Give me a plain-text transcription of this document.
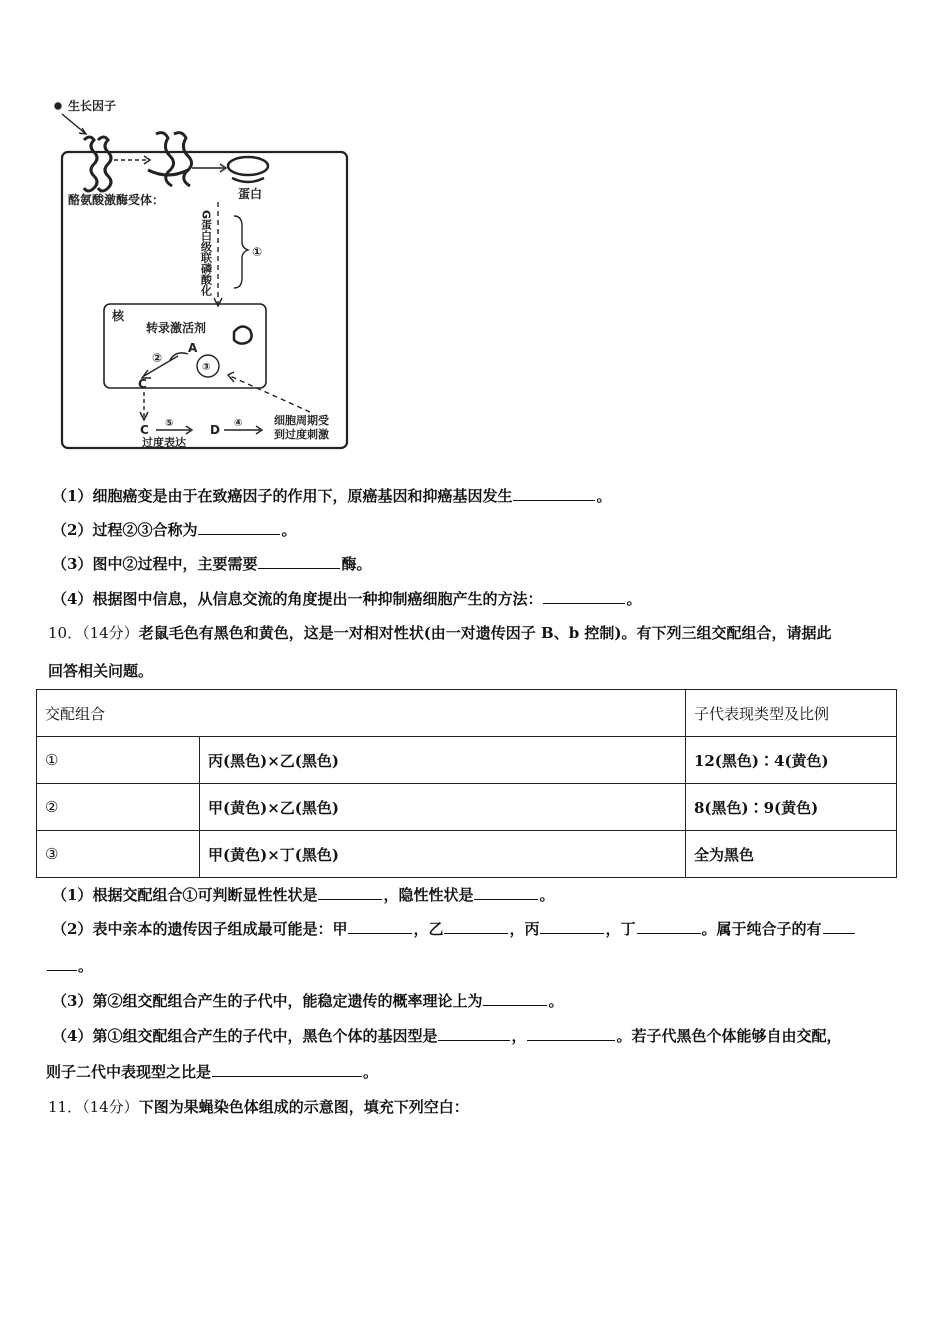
生长因子
酪氨酸激酶受体：	蛋白
G蛋白级联磷酸化	①
核
转录激活剂
②
③
A
C
C ⑤	④
D
过度表达
细胞周期受
到过度刺激
（1）细胞癌变是由于在致癌因子的作用下，原癌基因和抑癌基因发生	。
（2）过程②③合称为	。
（3）图中②过程中，主要需要	酶。
（4）根据图中信息，从信息交流的角度提出一种抑制癌细胞产生的方法：	。
10．（14分）老鼠毛色有黑色和黄色，这是一对相对性状(由一对遗传因子 B、b 控制)。有下列三组交配组合，请据此
回答相关问题。
交配组合		子代表现类型及比例
①	丙(黑色)×乙(黑色)	12(黑色)∶4(黄色)
②	甲(黄色)×乙(黑色)	8(黑色)∶9(黄色)
③	甲(黄色)×丁(黑色)	全为黑色
（1）根据交配组合①可判断显性性状是	，隐性性状是	。
（2）表中亲本的遗传因子组成最可能是：甲	，乙	，丙	，丁	。属于纯合子的有
。
（3）第②组交配组合产生的子代中，能稳定遗传的概率理论上为	。
（4）第①组交配组合产生的子代中，黑色个体的基因型是	，	。若子代黑色个体能够自由交配，
则子二代中表现型之比是	。
11．（14分）下图为果蝇染色体组成的示意图，填充下列空白：
